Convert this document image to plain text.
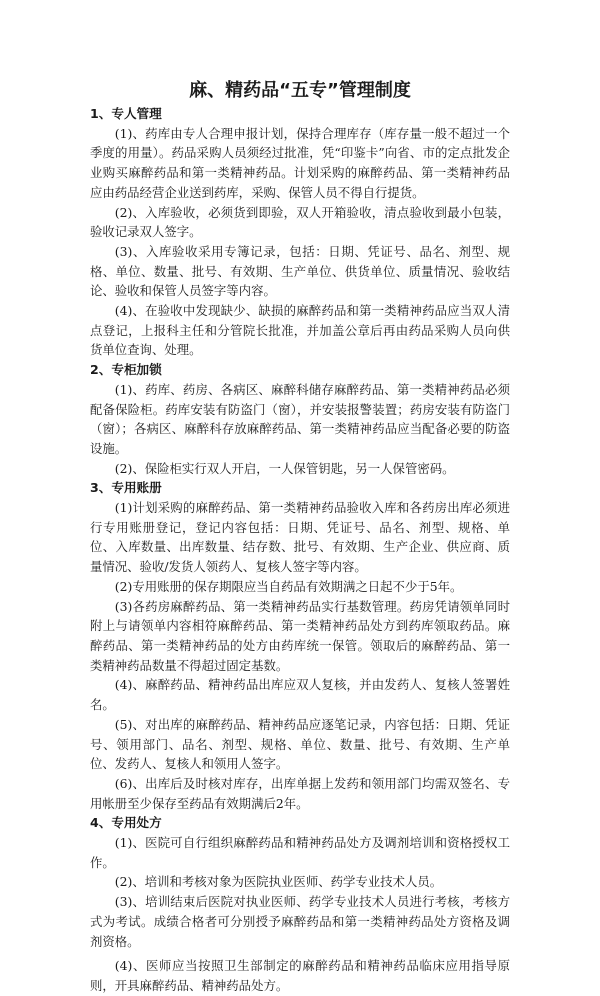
麻、精药品“五专”管理制度

1、专人管理

(1)、药库由专人合理申报计划，保持合理库存（库存量一般不超过一个季度的用量）。药品采购人员须经过批准，凭“印鉴卡”向省、市的定点批发企业购买麻醉药品和第一类精神药品。计划采购的麻醉药品、第一类精神药品应由药品经营企业送到药库，采购、保管人员不得自行提货。

(2)、入库验收，必须货到即验，双人开箱验收，清点验收到最小包装，验收记录双人签字。

(3)、入库验收采用专簿记录，包括：日期、凭证号、品名、剂型、规格、单位、数量、批号、有效期、生产单位、供货单位、质量情况、验收结论、验收和保管人员签字等内容。

(4)、在验收中发现缺少、缺损的麻醉药品和第一类精神药品应当双人清点登记，上报科主任和分管院长批准，并加盖公章后再由药品采购人员向供货单位查询、处理。

2、专柜加锁

(1)、药库、药房、各病区、麻醉科储存麻醉药品、第一类精神药品必须配备保险柜。药库安装有防盗门（窗），并安装报警装置；药房安装有防盗门（窗）；各病区、麻醉科存放麻醉药品、第一类精神药品应当配备必要的防盗设施。

(2)、保险柜实行双人开启，一人保管钥匙，另一人保管密码。

3、专用账册

(1)计划采购的麻醉药品、第一类精神药品验收入库和各药房出库必须进行专用账册登记，登记内容包括：日期、凭证号、品名、剂型、规格、单位、入库数量、出库数量、结存数、批号、有效期、生产企业、供应商、质量情况、验收/发货人领药人、复核人签字等内容。

(2)专用账册的保存期限应当自药品有效期满之日起不少于5年。

(3)各药房麻醉药品、第一类精神药品实行基数管理。药房凭请领单同时附上与请领单内容相符麻醉药品、第一类精神药品处方到药库领取药品。麻醉药品、第一类精神药品的处方由药库统一保管。领取后的麻醉药品、第一类精神药品数量不得超过固定基数。

(4)、麻醉药品、精神药品出库应双人复核，并由发药人、复核人签署姓名。

(5)、对出库的麻醉药品、精神药品应逐笔记录，内容包括：日期、凭证号、领用部门、品名、剂型、规格、单位、数量、批号、有效期、生产单位、发药人、复核人和领用人签字。

(6)、出库后及时核对库存，出库单据上发药和领用部门均需双签名、专用帐册至少保存至药品有效期满后2年。

4、专用处方

(1)、医院可自行组织麻醉药品和精神药品处方及调剂培训和资格授权工作。

(2)、培训和考核对象为医院执业医师、药学专业技术人员。

(3)、培训结束后医院对执业医师、药学专业技术人员进行考核，考核方式为考试。成绩合格者可分别授予麻醉药品和第一类精神药品处方资格及调剂资格。

(4)、医师应当按照卫生部制定的麻醉药品和精神药品临床应用指导原则，开具麻醉药品、精神药品处方。
